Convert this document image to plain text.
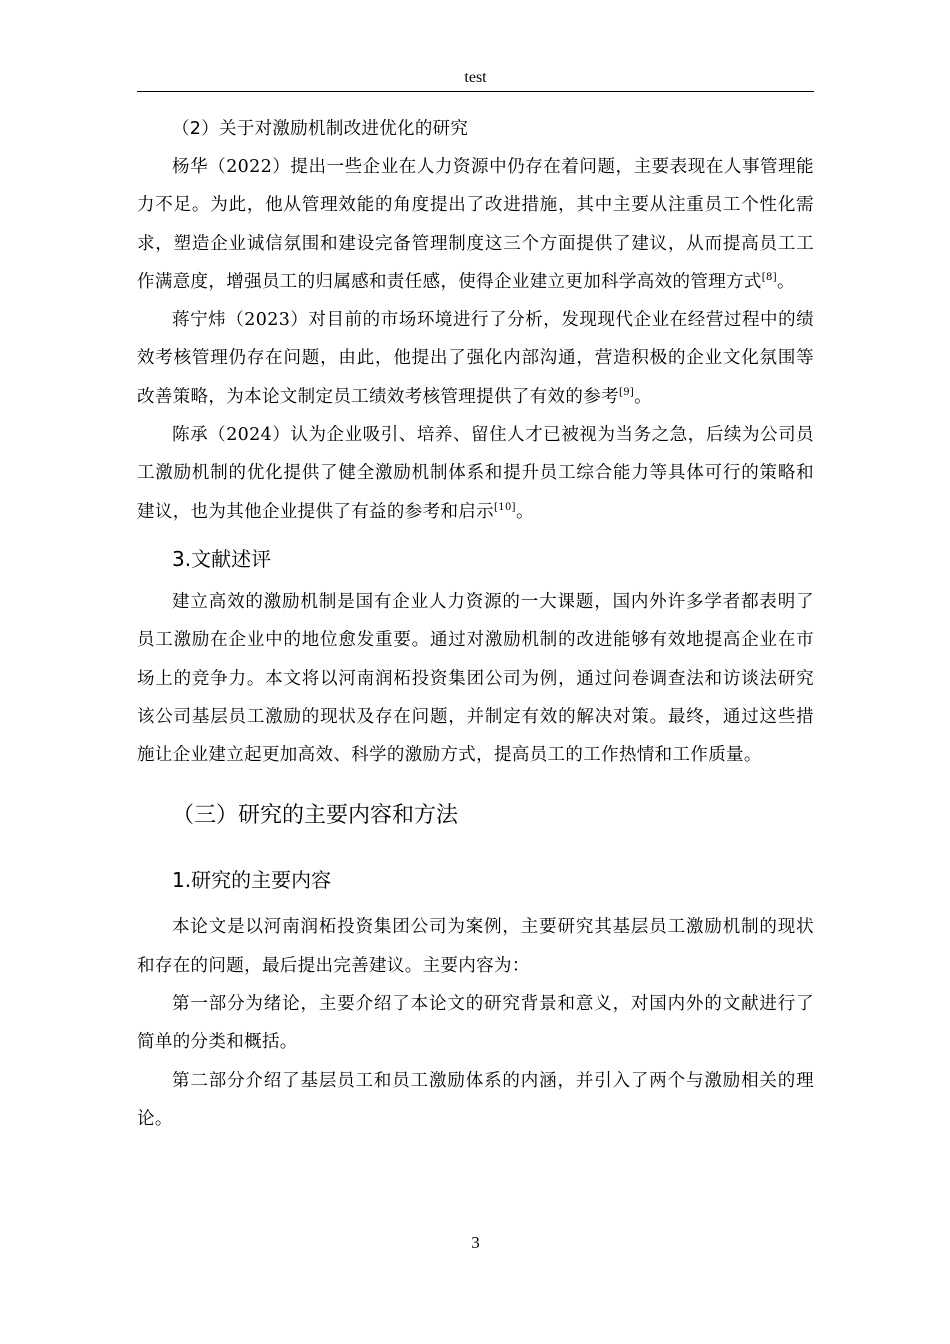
test
（2）关于对激励机制改进优化的研究

杨华（2022）提出一些企业在人力资源中仍存在着问题，主要表现在人事管理能力不足。为此，他从管理效能的角度提出了改进措施，其中主要从注重员工个性化需求，塑造企业诚信氛围和建设完备管理制度这三个方面提供了建议，从而提高员工工作满意度，增强员工的归属感和责任感，使得企业建立更加科学高效的管理方式[8]。

蒋宁炜（2023）对目前的市场环境进行了分析，发现现代企业在经营过程中的绩效考核管理仍存在问题，由此，他提出了强化内部沟通，营造积极的企业文化氛围等改善策略，为本论文制定员工绩效考核管理提供了有效的参考[9]。

陈承（2024）认为企业吸引、培养、留住人才已被视为当务之急，后续为公司员工激励机制的优化提供了健全激励机制体系和提升员工综合能力等具体可行的策略和建议，也为其他企业提供了有益的参考和启示[10]。

3.文献述评

建立高效的激励机制是国有企业人力资源的一大课题，国内外许多学者都表明了员工激励在企业中的地位愈发重要。通过对激励机制的改进能够有效地提高企业在市场上的竞争力。本文将以河南润柘投资集团公司为例，通过问卷调查法和访谈法研究该公司基层员工激励的现状及存在问题，并制定有效的解决对策。最终，通过这些措施让企业建立起更加高效、科学的激励方式，提高员工的工作热情和工作质量。

（三）研究的主要内容和方法
1.研究的主要内容

本论文是以河南润柘投资集团公司为案例，主要研究其基层员工激励机制的现状和存在的问题，最后提出完善建议。主要内容为：

第一部分为绪论，主要介绍了本论文的研究背景和意义，对国内外的文献进行了简单的分类和概括。

第二部分介绍了基层员工和员工激励体系的内涵，并引入了两个与激励相关的理论。

3
